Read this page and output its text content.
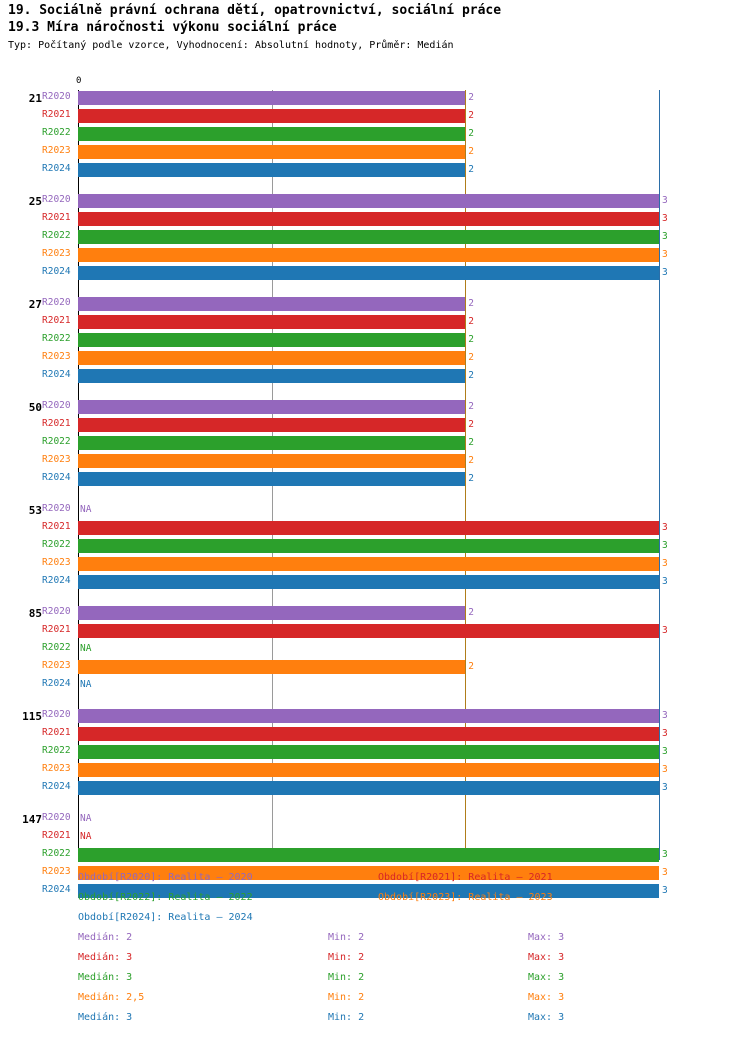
19. Sociálně právní ochrana dětí, opatrovnictví, sociální práce
19.3 Míra náročnosti výkonu sociální práce
Typ: Počítaný podle vzorce, Vyhodnocení: Absolutní hodnoty, Průměr: Medián
0
21 R2020	2
R2021	2
R2022	2
R2023	2
R2024	2
25 R2020	3
R2021	3
R2022	3
R2023	3
R2024	3
27 R2020	2
R2021	2
R2022	2
R2023	2
R2024	2
50 R2020	2
R2021	2
R2022	2
R2023	2
R2024	2
53 R2020 NA
R2021	3
R2022	3
R2023	3
R2024	3
85 R2020	2
R2021	3
R2022 NA
R2023	2
R2024 NA
115 R2020	3
R2021	3
R2022	3
R2023	3
R2024	3
147 R2020 NA
R2021 NA
R2022	3
R2023	3
R2024	3
Období[R2020]: Realita – 2020	Období[R2021]: Realita – 2021
Období[R2022]: Realita – 2022	Období[R2023]: Realita – 2023
Období[R2024]: Realita – 2024
Medián: 2	Min: 2	Max: 3
Medián: 3	Min: 2	Max: 3
Medián: 3	Min: 2	Max: 3
Medián: 2,5	Min: 2	Max: 3
Medián: 3	Min: 2	Max: 3
